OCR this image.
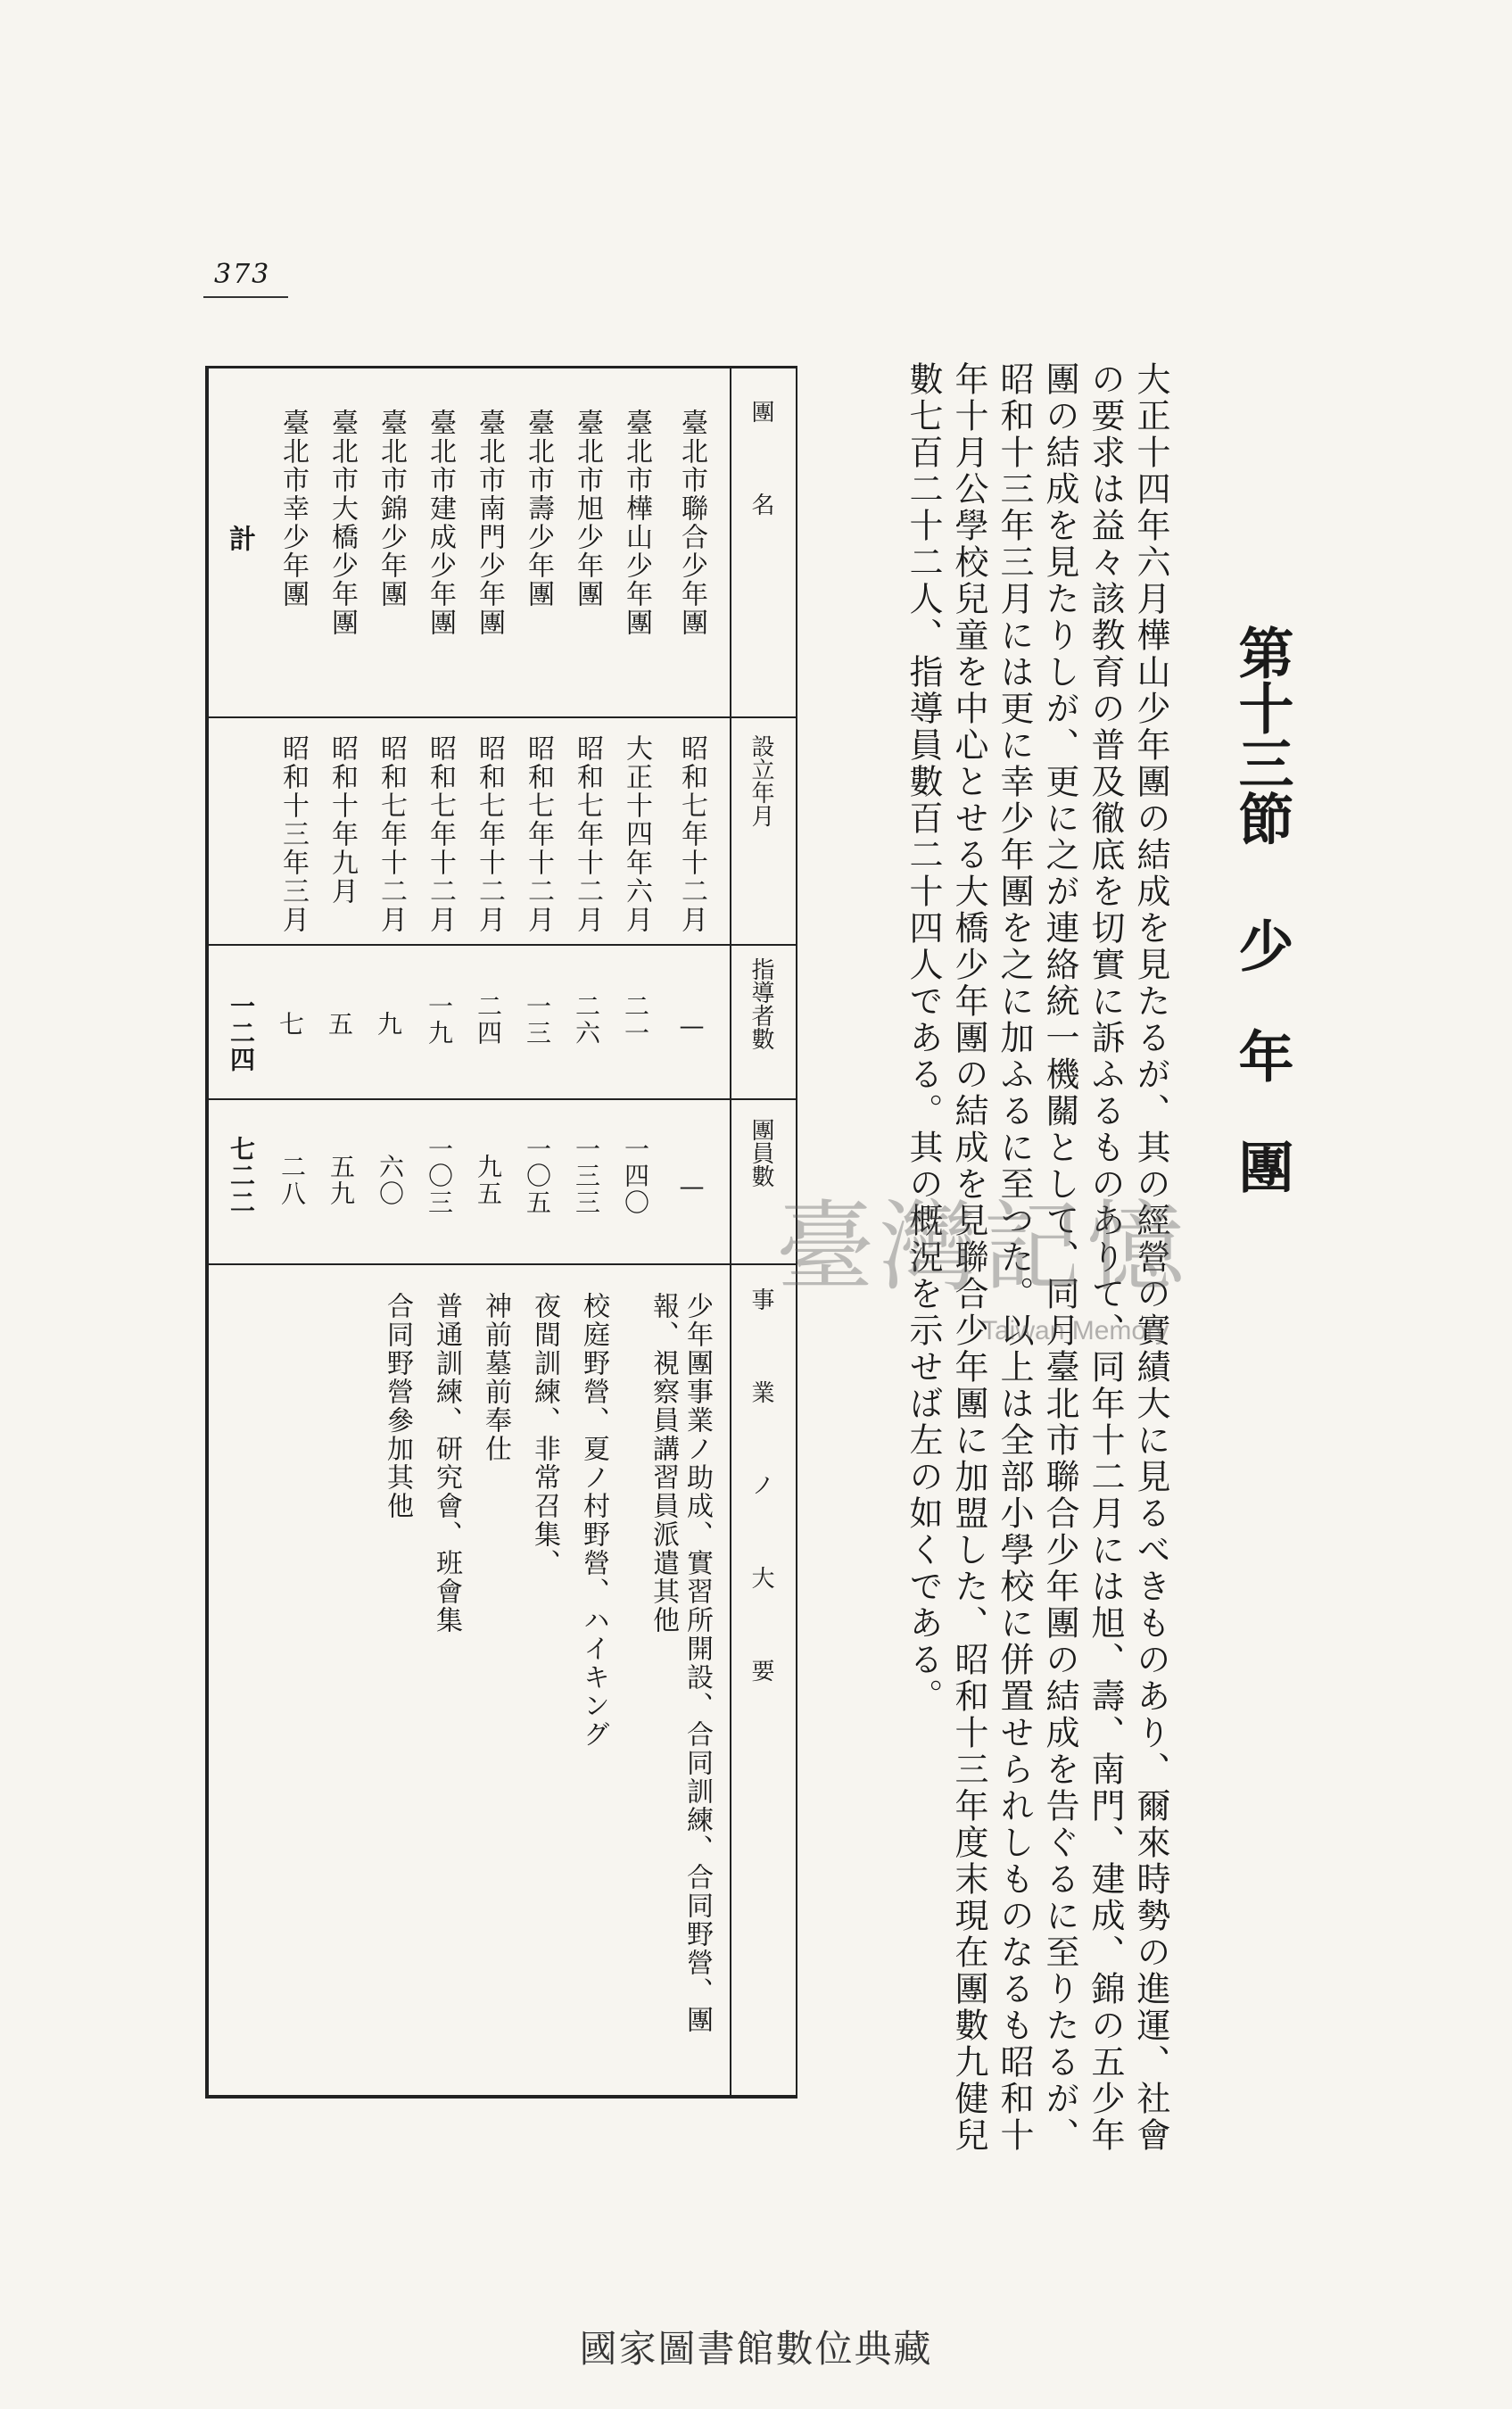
373
第十三節少　年　團
大正十四年六月樺山少年團の結成を見たるが、其の經營の實績大に見るべきものあり、爾來時勢の進運、社會の要求は益々該教育の普及徹底を切實に訴ふるものありて、同年十二月には旭、壽、南門、建成、錦の五少年團の結成を見たりしが、更に之が連絡統一機關として、同月臺北市聯合少年團の結成を告ぐるに至りたるが、昭和十三年三月には更に幸少年團を之に加ふるに至つた。以上は全部小學校に併置せられしものなるも昭和十年十月公學校兒童を中心とせる大橋少年團の結成を見聯合少年團に加盟した、昭和十三年度末現在團數九健兒數七百二十二人、指導員數百二十四人である。其の概況を示せば左の如くである。
團　　　名
設立年月
指導者數
團員數
事　業　ノ　大　要
臺北市聯合少年團
昭和七年十二月
—
—
少年團事業ノ助成、實習所開設、合同訓練、合同野營、團報、視察員講習員派遣其他
臺北市樺山少年團
大正十四年六月
二一
一四〇
臺北市旭少年團
昭和七年十二月
二六
一三三
校庭野營、夏ノ村野營、ハイキング
臺北市壽少年團
昭和七年十二月
一三
一〇五
夜間訓練、非常召集、
臺北市南門少年團
昭和七年十二月
二四
九五
神前墓前奉仕
臺北市建成少年團
昭和七年十二月
一九
一〇三
普通訓練、研究會、班會集
臺北市錦少年團
昭和七年十二月
九
六〇
合同野營參加其他
臺北市大橋少年團
昭和十年九月
五
五九
臺北市幸少年團
昭和十三年三月
七
二八
計
一二四
七二二
臺灣記憶
Taiwan Memory
國家圖書館數位典藏
